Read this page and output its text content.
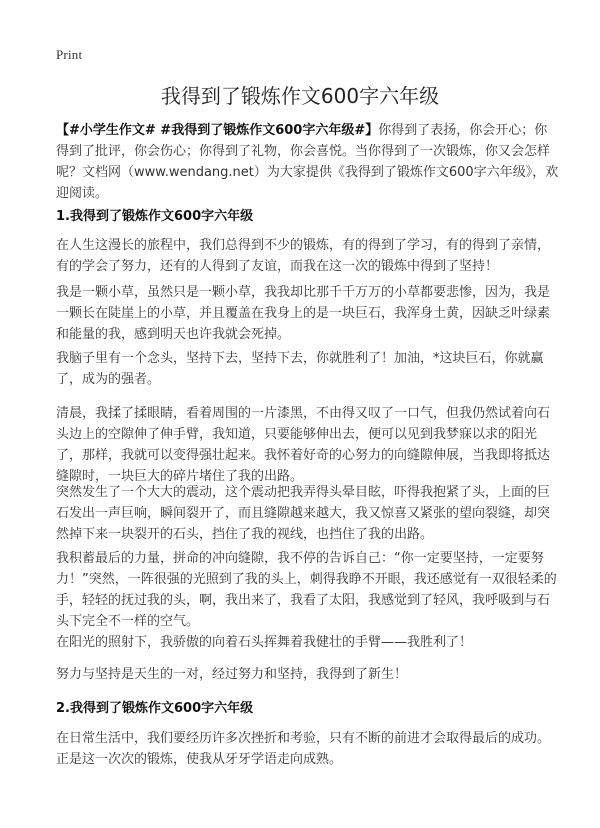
Print
我得到了锻炼作文600字六年级
【#小学生作文# #我得到了锻炼作文600字六年级#】你得到了表扬，你会开心；你得到了批评，你会伤心；你得到了礼物，你会喜悦。当你得到了一次锻炼，你又会怎样呢？文档网（www.wendang.net）为大家提供《我得到了锻炼作文600字六年级》，欢迎阅读。
1.我得到了锻炼作文600字六年级

在人生这漫长的旅程中，我们总得到不少的锻炼，有的得到了学习，有的得到了亲情，有的学会了努力，还有的人得到了友谊，而我在这一次的锻炼中得到了坚持！

我是一颗小草，虽然只是一颗小草，我我却比那千千万万的小草都要悲惨，因为，我是一颗长在陡崖上的小草，并且覆盖在我身上的是一块巨石，我浑身土黄，因缺乏叶绿素和能量的我，感到明天也许我就会死掉。

我脑子里有一个念头，坚持下去，坚持下去，你就胜利了！加油，*这块巨石，你就赢了，成为的强者。

清晨，我揉了揉眼睛，看着周围的一片漆黑，不由得又叹了一口气，但我仍然试着向石头边上的空隙伸了伸手臂，我知道，只要能够伸出去，便可以见到我梦寐以求的阳光了，那样，我就可以变得强壮起来。我怀着好奇的心努力的向缝隙伸展，当我即将抵达缝隙时，一块巨大的碎片堵住了我的出路。

突然发生了一个大大的震动，这个震动把我弄得头晕目眩，吓得我抱紧了头，上面的巨石发出一声巨响，瞬间裂开了，而且缝隙越来越大，我又惊喜又紧张的望向裂缝，却突然掉下来一块裂开的石头，挡住了我的视线，也挡住了我的出路。

我积蓄最后的力量，拼命的冲向缝隙，我不停的告诉自己：“你一定要坚持，一定要努力！”突然，一阵很强的光照到了我的头上，刺得我睁不开眼，我还感觉有一双很轻柔的手，轻轻的抚过我的头，啊，我出来了，我看了太阳，我感觉到了轻风，我呼吸到与石头下完全不一样的空气。

在阳光的照射下，我骄傲的向着石头挥舞着我健壮的手臂——我胜利了！

努力与坚持是天生的一对，经过努力和坚持，我得到了新生！

2.我得到了锻炼作文600字六年级

在日常生活中，我们要经历许多次挫折和考验，只有不断的前进才会取得最后的成功。正是这一次次的锻炼，使我从牙牙学语走向成熟。
